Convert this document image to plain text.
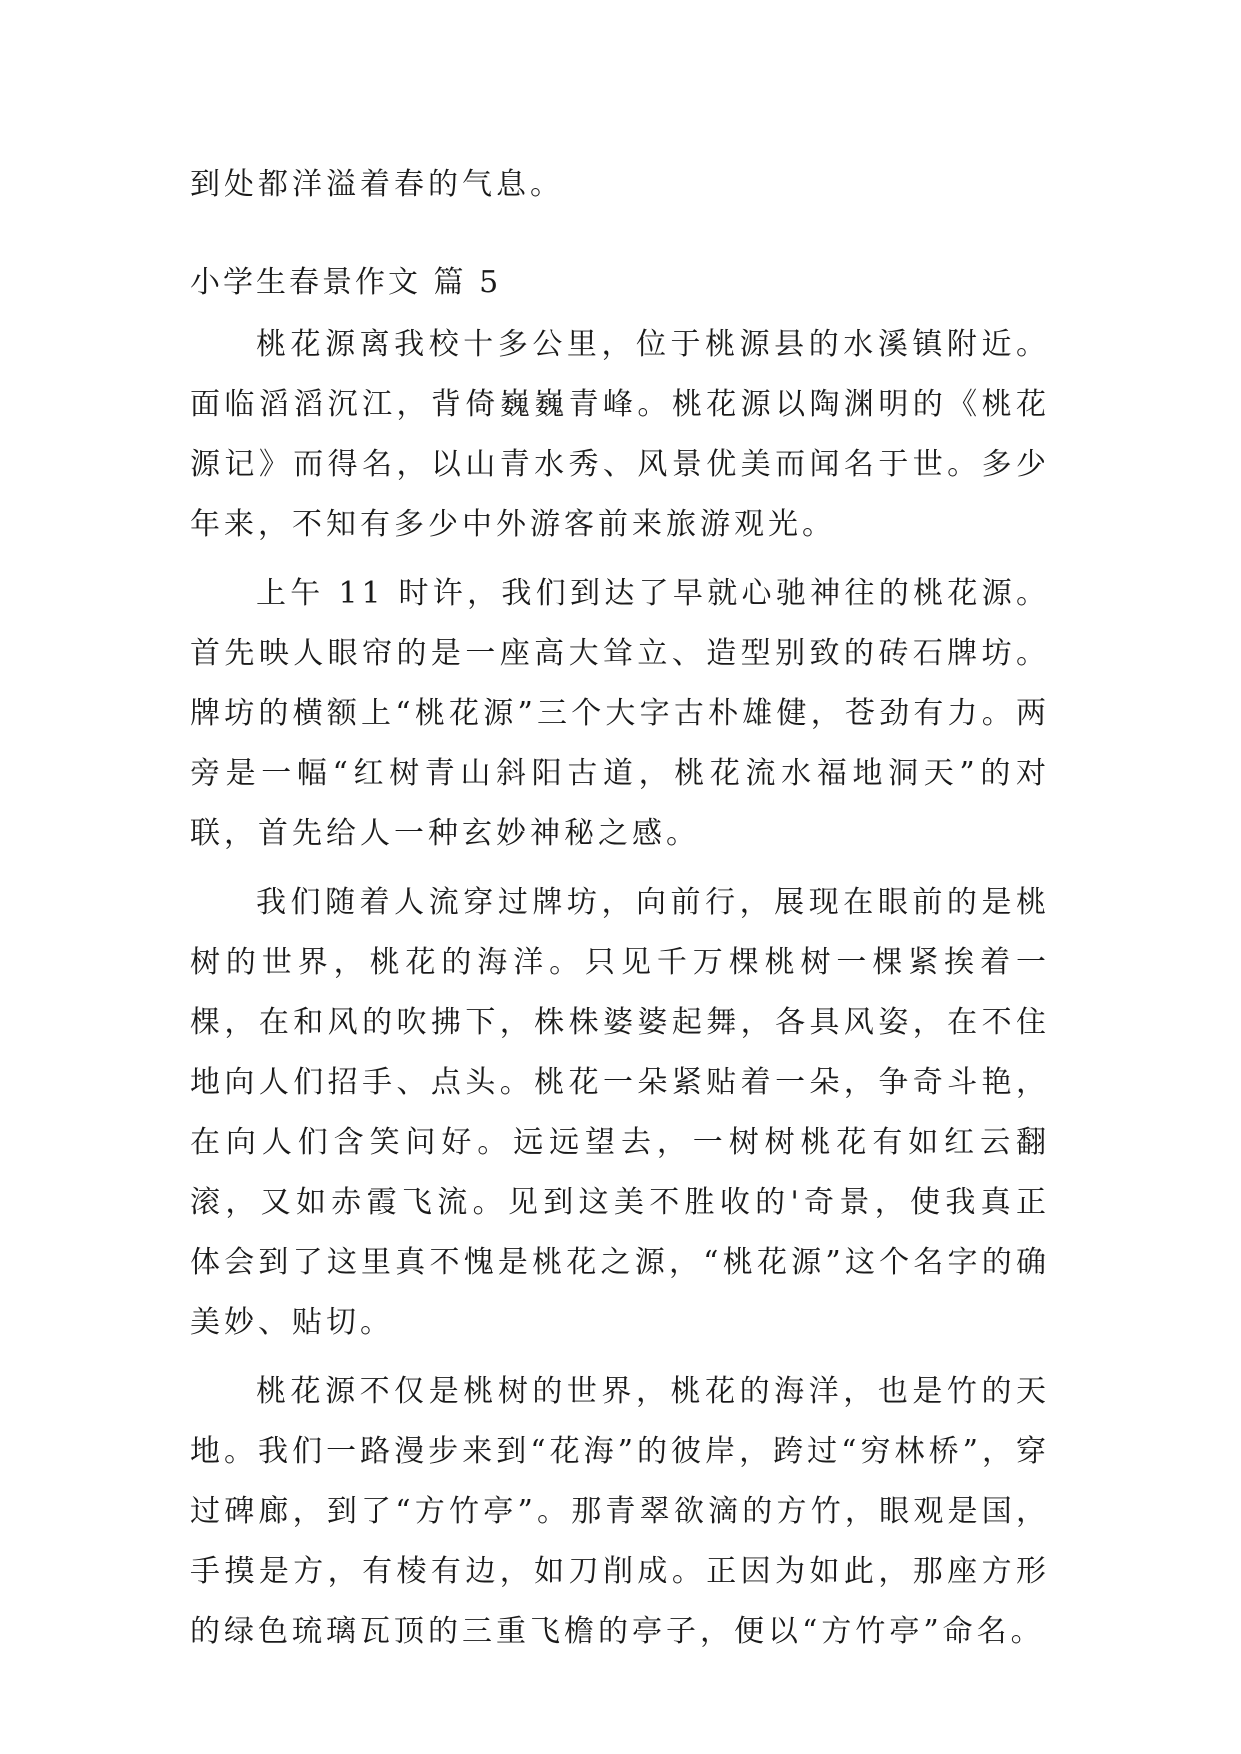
到处都洋溢着春的气息。

小学生春景作文 篇 5

桃花源离我校十多公里，位于桃源县的水溪镇附近。面临滔滔沉江，背倚巍巍青峰。桃花源以陶渊明的《桃花源记》而得名，以山青水秀、风景优美而闻名于世。多少年来，不知有多少中外游客前来旅游观光。

上午 11 时许，我们到达了早就心驰神往的桃花源。首先映人眼帘的是一座高大耸立、造型别致的砖石牌坊。牌坊的横额上“桃花源”三个大字古朴雄健，苍劲有力。两旁是一幅“红树青山斜阳古道，桃花流水福地洞天”的对联，首先给人一种玄妙神秘之感。

我们随着人流穿过牌坊，向前行，展现在眼前的是桃树的世界，桃花的海洋。只见千万棵桃树一棵紧挨着一棵，在和风的吹拂下，株株婆婆起舞，各具风姿，在不住地向人们招手、点头。桃花一朵紧贴着一朵，争奇斗艳，在向人们含笑问好。远远望去，一树树桃花有如红云翻滚，又如赤霞飞流。见到这美不胜收的'奇景，使我真正体会到了这里真不愧是桃花之源，“桃花源”这个名字的确美妙、贴切。

桃花源不仅是桃树的世界，桃花的海洋，也是竹的天地。我们一路漫步来到“花海”的彼岸，跨过“穷林桥”，穿过碑廊，到了“方竹亭”。那青翠欲滴的方竹，眼观是国，手摸是方，有棱有边，如刀削成。正因为如此，那座方形的绿色琉璃瓦顶的三重飞檐的亭子，便以“方竹亭”命名。
